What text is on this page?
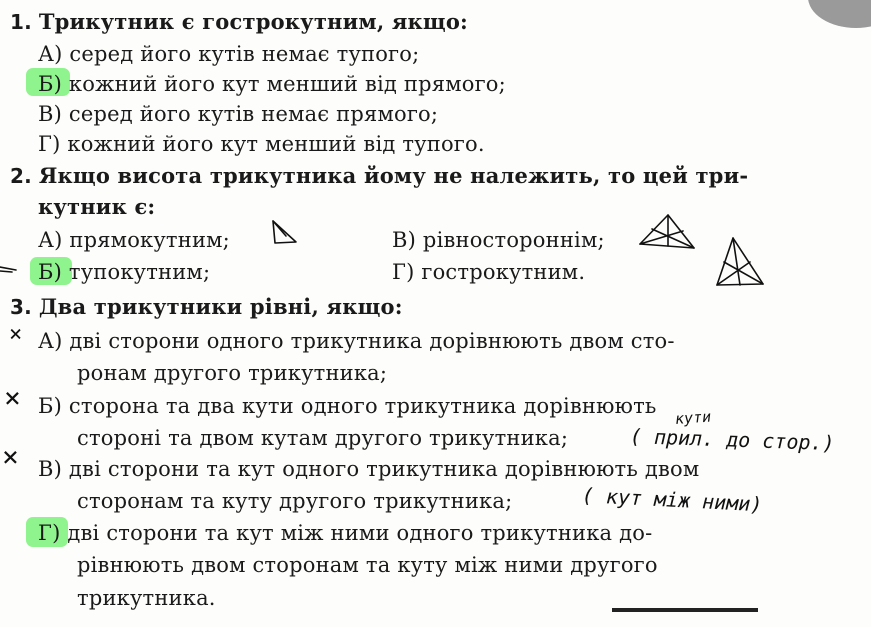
1. Трикутник є гострокутним, якщо:
А) серед його кутів немає тупого;
Б) кожний його кут менший від прямого;
В) серед його кутів немає прямого;
Г) кожний його кут менший від тупого.
2. Якщо висота трикутника йому не належить, то цей три-
кутник є:
А) прямокутним;	В) рівностороннім;
Б) тупокутним;	Г) гострокутним.
3. Два трикутники рівні, якщо:
А) дві сторони одного трикутника дорівнюють двом сто-
ронам другого трикутника;
Б) сторона та два кути одного трикутника дорівнюють
стороні та двом кутам другого трикутника;
В) дві сторони та кут одного трикутника дорівнюють двом
сторонам та куту другого трикутника;
Г) дві сторони та кут між ними одного трикутника до-
рівнюють двом сторонам та куту між ними другого
трикутника.
кути
( прил. до стор.)
( кут між ними)
×
×
×
